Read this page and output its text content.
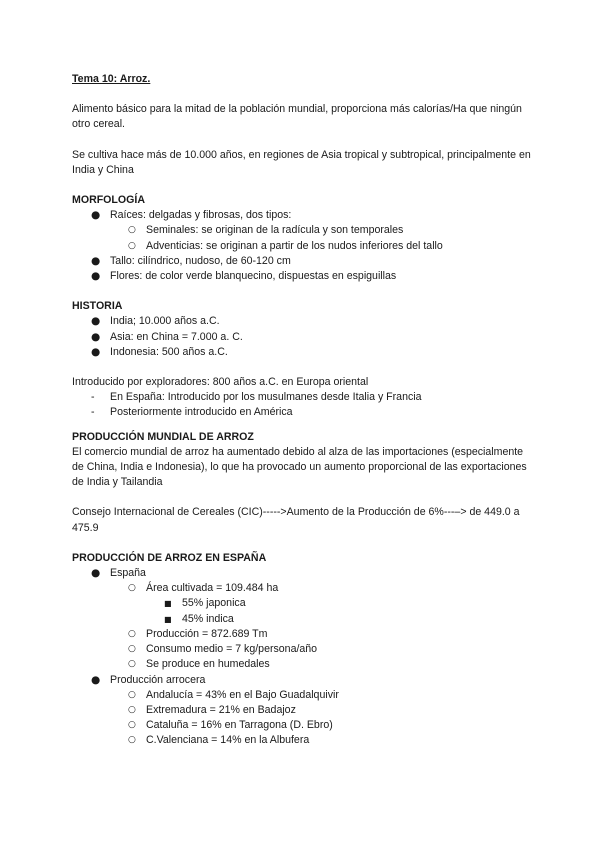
Tema 10: Arroz.

Alimento básico para la mitad de la población mundial, proporciona más calorías/Ha que ningún otro cereal.

Se cultiva hace más de 10.000 años, en regiones de Asia tropical y subtropical, principalmente en India y China

MORFOLOGÍA

● Raíces: delgadas y fibrosas, dos tipos:
○ Seminales: se originan de la radícula y son temporales
○ Adventicias: se originan a partir de los nudos inferiores del tallo
● Tallo: cilíndrico, nudoso, de 60-120 cm
● Flores: de color verde blanquecino, dispuestas en espiguillas

HISTORIA

● India; 10.000 años a.C.
● Asia: en China = 7.000 a. C.
● Indonesia: 500 años a.C.

Introducido por exploradores: 800 años a.C. en Europa oriental

- En España: Introducido por los musulmanes desde Italia y Francia
- Posteriormente introducido en América

PRODUCCIÓN MUNDIAL DE ARROZ

El comercio mundial de arroz ha aumentado debido al alza de las importaciones (especialmente de China, India e Indonesia), lo que ha provocado un aumento proporcional de las exportaciones de India y Tailandia

Consejo Internacional de Cereales (CIC)----->Aumento de la Producción de 6%---–> de 449.0 a 475.9

PRODUCCIÓN DE ARROZ EN ESPAÑA

● España
○ Área cultivada = 109.484 ha
■ 55% japonica
■ 45% indica
○ Producción = 872.689 Tm
○ Consumo medio = 7 kg/persona/año
○ Se produce en humedales
● Producción arrocera
○ Andalucía = 43% en el Bajo Guadalquivir
○ Extremadura = 21% en Badajoz
○ Cataluña = 16% en Tarragona (D. Ebro)
○ C.Valenciana = 14% en la Albufera
